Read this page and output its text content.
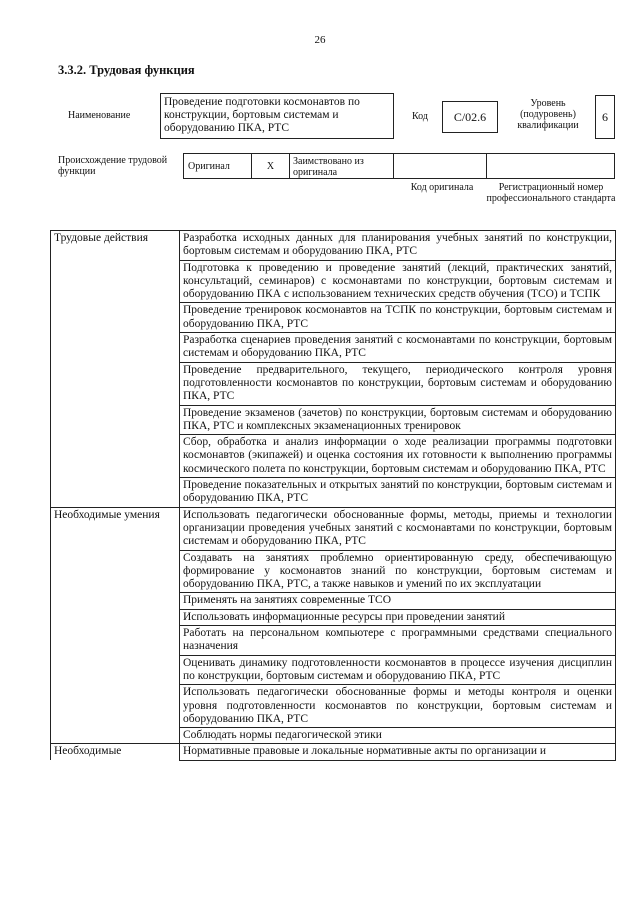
26
3.3.2. Трудовая функция
Наименование
Проведение подготовки космонавтов по конструкции, бортовым системам и оборудованию ПКА, РТС
Код	С/02.6
Уровень (подуровень) квалификации
6
Происхождение трудовой функции	Оригинал	X	Заимствовано из оригинала
Код оригинала	Регистрационный номер профессионального стандарта
Трудовые действия	Разработка исходных данных для планирования учебных занятий по конструкции, бортовым системам и оборудованию ПКА, РТС
	Подготовка к проведению и проведение занятий (лекций, практических занятий, консультаций, семинаров) с космонавтами по конструкции, бортовым системам и оборудованию ПКА с использованием технических средств обучения (ТСО) и ТСПК
	Проведение тренировок космонавтов на ТСПК по конструкции, бортовым системам и оборудованию ПКА, РТС
	Разработка сценариев проведения занятий с космонавтами по конструкции, бортовым системам и оборудованию ПКА, РТС
	Проведение предварительного, текущего, периодического контроля уровня подготовленности космонавтов по конструкции, бортовым системам и оборудованию ПКА, РТС
	Проведение экзаменов (зачетов) по конструкции, бортовым системам и оборудованию ПКА, РТС и комплексных экзаменационных тренировок
	Сбор, обработка и анализ информации о ходе реализации программы подготовки космонавтов (экипажей) и оценка состояния их готовности к выполнению программы космического полета по конструкции, бортовым системам и оборудованию ПКА, РТС
	Проведение показательных и открытых занятий по конструкции, бортовым системам и оборудованию ПКА, РТС
Необходимые умения	Использовать педагогически обоснованные формы, методы, приемы и технологии организации проведения учебных занятий с космонавтами по конструкции, бортовым системам и оборудованию ПКА, РТС
	Создавать на занятиях проблемно ориентированную среду, обеспечивающую формирование у космонавтов знаний по конструкции, бортовым системам и оборудованию ПКА, РТС, а также навыков и умений по их эксплуатации
	Применять на занятиях современные ТСО
	Использовать информационные ресурсы при проведении занятий
	Работать на персональном компьютере с программными средствами специального назначения
	Оценивать динамику подготовленности космонавтов в процессе изучения дисциплин по конструкции, бортовым системам и оборудованию ПКА, РТС
	Использовать педагогически обоснованные формы и методы контроля и оценки уровня подготовленности космонавтов по конструкции, бортовым системам и оборудованию ПКА, РТС
	Соблюдать нормы педагогической этики
Необходимые	Нормативные правовые и локальные нормативные акты по организации и
